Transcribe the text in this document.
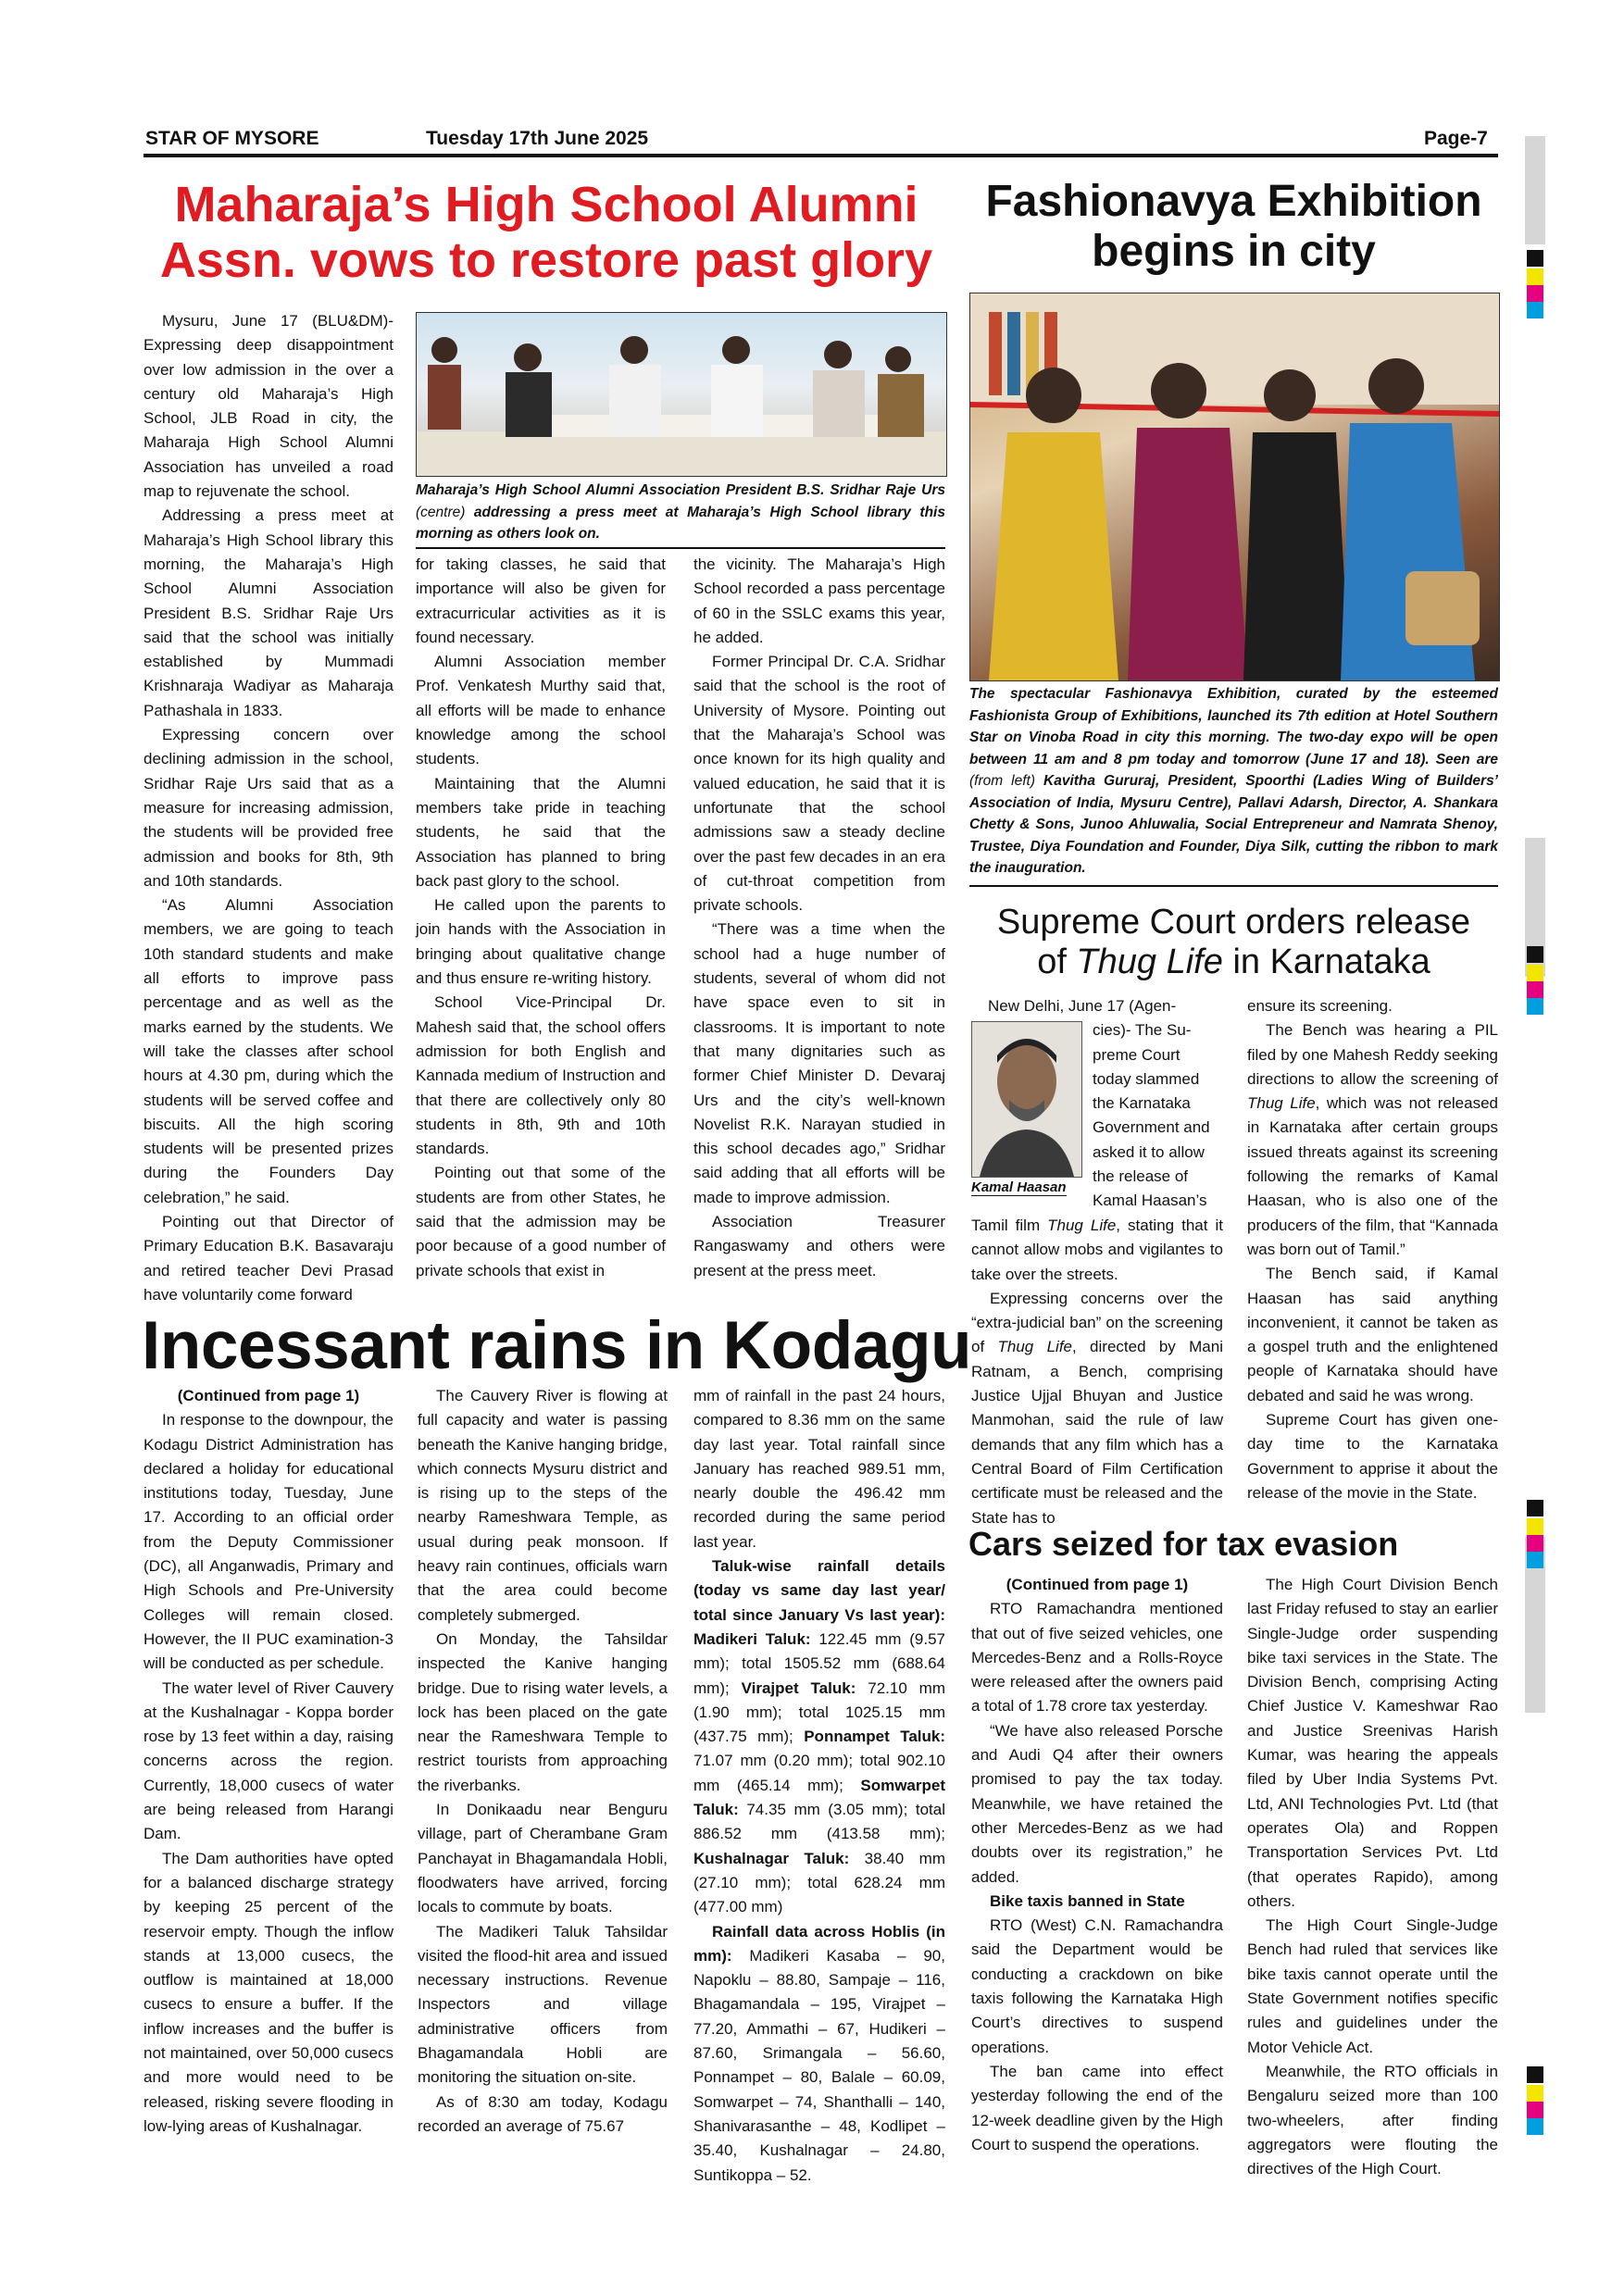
STAR OF MYSORE	Tuesday 17th June 2025	Page-7
Maharaja’s High School Alumni
Assn. vows to restore past glory

Mysuru, June 17 (BLU&DM)- Expressing deep disappointment over low admission in the over a century old Maharaja’s High School, JLB Road in city, the Maharaja High School Alumni Association has unveiled a road map to rejuvenate the school.

Addressing a press meet at Maharaja’s High School library this morning, the Maharaja’s High School Alumni Association President B.S. Sridhar Raje Urs said that the school was initially established by Mummadi Krishnaraja Wadiyar as Maharaja Pathashala in 1833.

Expressing concern over declining admission in the school, Sridhar Raje Urs said that as a measure for increasing admission, the students will be provided free admission and books for 8th, 9th and 10th standards.

“As Alumni Association members, we are going to teach 10th standard students and make all efforts to improve pass percentage and as well as the marks earned by the students. We will take the classes after school hours at 4.30 pm, during which the students will be served coffee and biscuits. All the high scoring students will be presented prizes during the Founders Day celebration,” he said.

Pointing out that Director of Primary Education B.K. Basavaraju and retired teacher Devi Prasad have voluntarily come forward

Maharaja’s High School Alumni Association President B.S. Sridhar Raje Urs (centre) addressing a press meet at Maharaja’s High School library this morning as others look on.

for taking classes, he said that importance will also be given for extracurricular activities as it is found necessary.

Alumni Association member Prof. Venkatesh Murthy said that, all efforts will be made to enhance knowledge among the school students.

Maintaining that the Alumni members take pride in teaching students, he said that the Association has planned to bring back past glory to the school.

He called upon the parents to join hands with the Association in bringing about qualitative change and thus ensure re-writing history.

School Vice-Principal Dr. Mahesh said that, the school offers admission for both English and Kannada medium of Instruction and that there are collectively only 80 students in 8th, 9th and 10th standards.

Pointing out that some of the students are from other States, he said that the admission may be poor because of a good number of private schools that exist in

the vicinity. The Maharaja’s High School recorded a pass percentage of 60 in the SSLC exams this year, he added.

Former Principal Dr. C.A. Sridhar said that the school is the root of University of Mysore. Pointing out that the Maharaja’s School was once known for its high quality and valued education, he said that it is unfortunate that the school admissions saw a steady decline over the past few decades in an era of cut-throat competition from private schools.

“There was a time when the school had a huge number of students, several of whom did not have space even to sit in classrooms. It is important to note that many dignitaries such as former Chief Minister D. Devaraj Urs and the city’s well-known Novelist R.K. Narayan studied in this school decades ago,” Sridhar said adding that all efforts will be made to improve admission.

Association Treasurer Rangaswamy and others were present at the press meet.

Fashionavya Exhibition
begins in city
The spectacular Fashionavya Exhibition, curated by the esteemed Fashionista Group of Exhibitions, launched its 7th edition at Hotel Southern Star on Vinoba Road in city this morning. The two-day expo will be open between 11 am and 8 pm today and tomorrow (June 17 and 18). Seen are (from left) Kavitha Gururaj, President, Spoorthi (Ladies Wing of Builders’ Association of India, Mysuru Centre), Pallavi Adarsh, Director, A. Shankara Chetty & Sons, Junoo Ahluwalia, Social Entrepreneur and Namrata Shenoy, Trustee, Diya Foundation and Founder, Diya Silk, cutting the ribbon to mark the inauguration.
Supreme Court orders release
of Thug Life in Karnataka
Kamal Haasan
New Delhi, June 17 (Agen-
cies)- The Su-
preme Court
today slammed
the Karnataka
Government and
asked it to allow
the release of
Kamal Haasan’s

Tamil film Thug Life, stating that it cannot allow mobs and vigilantes to take over the streets.

Expressing concerns over the “extra-judicial ban” on the screening of Thug Life, directed by Mani Ratnam, a Bench, comprising Justice Ujjal Bhuyan and Justice Manmohan, said the rule of law demands that any film which has a Central Board of Film Certification certificate must be released and the State has to

ensure its screening.

The Bench was hearing a PIL filed by one Mahesh Reddy seeking directions to allow the screening of Thug Life, which was not released in Karnataka after certain groups issued threats against its screening following the remarks of Kamal Haasan, who is also one of the producers of the film, that “Kannada was born out of Tamil.”

The Bench said, if Kamal Haasan has said anything inconvenient, it cannot be taken as a gospel truth and the enlightened people of Karnataka should have debated and said he was wrong.

Supreme Court has given one-day time to the Karnataka Government to apprise it about the release of the movie in the State.

Incessant rains in Kodagu

(Continued from page 1)

In response to the downpour, the Kodagu District Administration has declared a holiday for educational institutions today, Tuesday, June 17. According to an official order from the Deputy Commissioner (DC), all Anganwadis, Primary and High Schools and Pre-University Colleges will remain closed. However, the II PUC examination-3 will be conducted as per schedule.

The water level of River Cauvery at the Kushalnagar - Koppa border rose by 13 feet within a day, raising concerns across the region. Currently, 18,000 cusecs of water are being released from Harangi Dam.

The Dam authorities have opted for a balanced discharge strategy by keeping 25 percent of the reservoir empty. Though the inflow stands at 13,000 cusecs, the outflow is maintained at 18,000 cusecs to ensure a buffer. If the inflow increases and the buffer is not maintained, over 50,000 cusecs and more would need to be released, risking severe flooding in low-lying areas of Kushalnagar.

The Cauvery River is flowing at full capacity and water is passing beneath the Kanive hanging bridge, which connects Mysuru district and is rising up to the steps of the nearby Rameshwara Temple, as usual during peak monsoon. If heavy rain continues, officials warn that the area could become completely submerged.

On Monday, the Tahsildar inspected the Kanive hanging bridge. Due to rising water levels, a lock has been placed on the gate near the Rameshwara Temple to restrict tourists from approaching the riverbanks.

In Donikaadu near Benguru village, part of Cherambane Gram Panchayat in Bhagamandala Hobli, floodwaters have arrived, forcing locals to commute by boats.

The Madikeri Taluk Tahsildar visited the flood-hit area and issued necessary instructions. Revenue Inspectors and village administrative officers from Bhagamandala Hobli are monitoring the situation on-site.

As of 8:30 am today, Kodagu recorded an average of 75.67

mm of rainfall in the past 24 hours, compared to 8.36 mm on the same day last year. Total rainfall since January has reached 989.51 mm, nearly double the 496.42 mm recorded during the same period last year.

Taluk-wise rainfall details (today vs same day last year/ total since January Vs last year): Madikeri Taluk: 122.45 mm (9.57 mm); total 1505.52 mm (688.64 mm); Virajpet Taluk: 72.10 mm (1.90 mm); total 1025.15 mm (437.75 mm); Ponnampet Taluk: 71.07 mm (0.20 mm); total 902.10 mm (465.14 mm); Somwarpet Taluk: 74.35 mm (3.05 mm); total 886.52 mm (413.58 mm); Kushalnagar Taluk: 38.40 mm (27.10 mm); total 628.24 mm (477.00 mm)

Rainfall data across Hoblis (in mm): Madikeri Kasaba – 90, Napoklu – 88.80, Sampaje – 116, Bhagamandala – 195, Virajpet – 77.20, Ammathi – 67, Hudikeri – 87.60, Srimangala – 56.60, Ponnampet – 80, Balale – 60.09, Somwarpet – 74, Shanthalli – 140, Shanivarasanthe – 48, Kodlipet – 35.40, Kushalnagar – 24.80, Suntikoppa – 52.

Cars seized for tax evasion

(Continued from page 1)

RTO Ramachandra mentioned that out of five seized vehicles, one Mercedes-Benz and a Rolls-Royce were released after the owners paid a total of 1.78 crore tax yesterday.

“We have also released Porsche and Audi Q4 after their owners promised to pay the tax today. Meanwhile, we have retained the other Mercedes-Benz as we had doubts over its registration,” he added.

Bike taxis banned in State

RTO (West) C.N. Ramachandra said the Department would be conducting a crackdown on bike taxis following the Karnataka High Court’s directives to suspend operations.

The ban came into effect yesterday following the end of the 12-week deadline given by the High Court to suspend the operations.

The High Court Division Bench last Friday refused to stay an earlier Single-Judge order suspending bike taxi services in the State. The Division Bench, comprising Acting Chief Justice V. Kameshwar Rao and Justice Sreenivas Harish Kumar, was hearing the appeals filed by Uber India Systems Pvt. Ltd, ANI Technologies Pvt. Ltd (that operates Ola) and Roppen Transportation Services Pvt. Ltd (that operates Rapido), among others.

The High Court Single-Judge Bench had ruled that services like bike taxis cannot operate until the State Government notifies specific rules and guidelines under the Motor Vehicle Act.

Meanwhile, the RTO officials in Bengaluru seized more than 100 two-wheelers, after finding aggregators were flouting the directives of the High Court.
